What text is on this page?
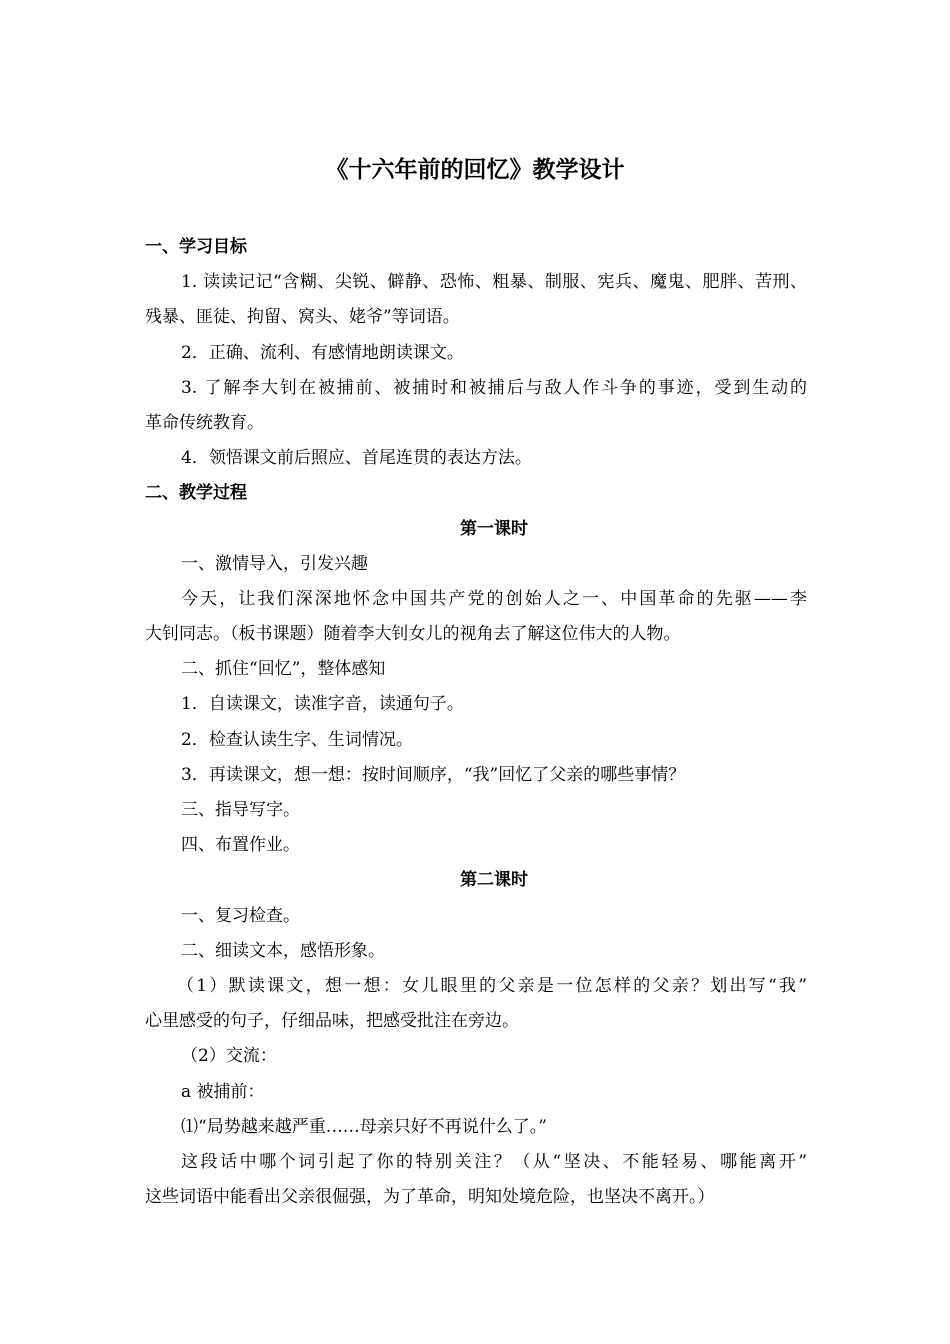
《十六年前的回忆》教学设计

一、学习目标

1. 读读记记“含糊、尖锐、僻静、恐怖、粗暴、制服、宪兵、魔鬼、肥胖、苦刑、

残暴、匪徒、拘留、窝头、姥爷”等词语。

2．正确、流利、有感情地朗读课文。

3. 了解李大钊在被捕前、被捕时和被捕后与敌人作斗争的事迹，受到生动的

革命传统教育。

4．领悟课文前后照应、首尾连贯的表达方法。

二、教学过程

第一课时

一、激情导入，引发兴趣

今天，让我们深深地怀念中国共产党的创始人之一、中国革命的先驱——李

大钊同志。（板书课题）随着李大钊女儿的视角去了解这位伟大的人物。

二、抓住“回忆”，整体感知

1．自读课文，读准字音，读通句子。

2．检查认读生字、生词情况。

3．再读课文，想一想：按时间顺序，“我”回忆了父亲的哪些事情？

三、指导写字。

四、布置作业。

第二课时

一、复习检查。

二、细读文本，感悟形象。

（1）默读课文，想一想：女儿眼里的父亲是一位怎样的父亲？划出写“我”

心里感受的句子，仔细品味，把感受批注在旁边。

（2）交流：

a 被捕前：

⑴“局势越来越严重……母亲只好不再说什么了。”

这段话中哪个词引起了你的特别关注？（从“坚决、不能轻易、哪能离开”

这些词语中能看出父亲很倔强，为了革命，明知处境危险，也坚决不离开。）
